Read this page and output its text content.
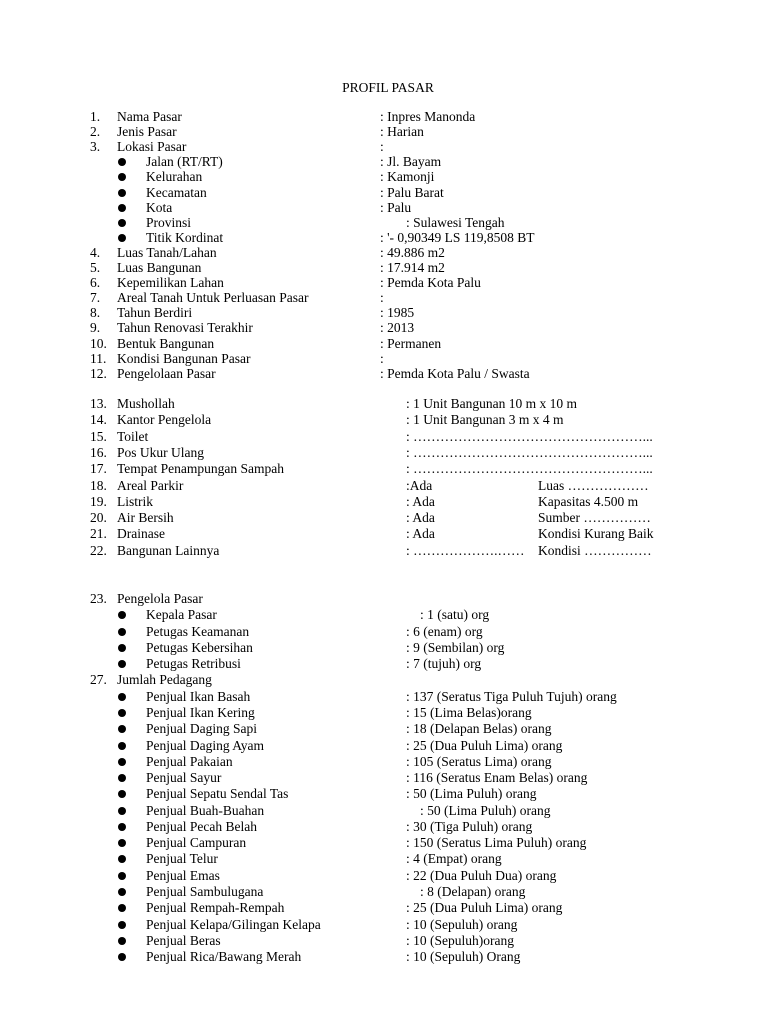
PROFIL PASAR
1. Nama Pasar	: Inpres Manonda
2. Jenis Pasar	: Harian
3. Lokasi Pasar	:
Jalan (RT/RT)	: Jl. Bayam
Kelurahan	: Kamonji
Kecamatan	: Palu Barat
Kota	: Palu
Provinsi	: Sulawesi Tengah
Titik Kordinat	: '- 0,90349 LS 119,8508 BT
4. Luas Tanah/Lahan	: 49.886 m2
5. Luas Bangunan	: 17.914 m2
6. Kepemilikan Lahan	: Pemda Kota Palu
7. Areal Tanah Untuk Perluasan Pasar	:
8. Tahun Berdiri	: 1985
9. Tahun Renovasi Terakhir	: 2013
10. Bentuk Bangunan	: Permanen
11. Kondisi Bangunan Pasar	:
12. Pengelolaan Pasar	: Pemda Kota Palu / Swasta
13. Mushollah	: 1 Unit Bangunan 10 m x 10 m
14. Kantor Pengelola	: 1 Unit Bangunan 3 m x 4 m
15. Toilet	: ……………………………………………...
16. Pos Ukur Ulang	: ……………………………………………...
17. Tempat Penampungan Sampah	: ……………………………………………...
18. Areal Parkir	:Ada	Luas ………………
19. Listrik	: Ada	Kapasitas 4.500 m
20. Air Bersih	: Ada	Sumber ……………
21. Drainase	: Ada	Kondisi Kurang Baik
22. Bangunan Lainnya	: ……………….…… Kondisi ……………
23. Pengelola Pasar
Kepala Pasar	: 1 (satu) org
Petugas Keamanan	: 6 (enam) org
Petugas Kebersihan	: 9 (Sembilan) org
Petugas Retribusi	: 7 (tujuh) org
27. Jumlah Pedagang
Penjual Ikan Basah	: 137 (Seratus Tiga Puluh Tujuh) orang
Penjual Ikan Kering	: 15 (Lima Belas)orang
Penjual Daging Sapi	: 18 (Delapan Belas) orang
Penjual Daging Ayam	: 25 (Dua Puluh Lima) orang
Penjual Pakaian	: 105 (Seratus Lima) orang
Penjual Sayur	: 116 (Seratus Enam Belas) orang
Penjual Sepatu Sendal Tas	: 50 (Lima Puluh) orang
Penjual Buah-Buahan	: 50 (Lima Puluh) orang
Penjual Pecah Belah	: 30 (Tiga Puluh) orang
Penjual Campuran	: 150 (Seratus Lima Puluh) orang
Penjual Telur	: 4 (Empat) orang
Penjual Emas	: 22 (Dua Puluh Dua) orang
Penjual Sambulugana	: 8 (Delapan) orang
Penjual Rempah-Rempah	: 25 (Dua Puluh Lima) orang
Penjual Kelapa/Gilingan Kelapa	: 10 (Sepuluh) orang
Penjual Beras	: 10 (Sepuluh)orang
Penjual Rica/Bawang Merah	: 10 (Sepuluh) Orang
